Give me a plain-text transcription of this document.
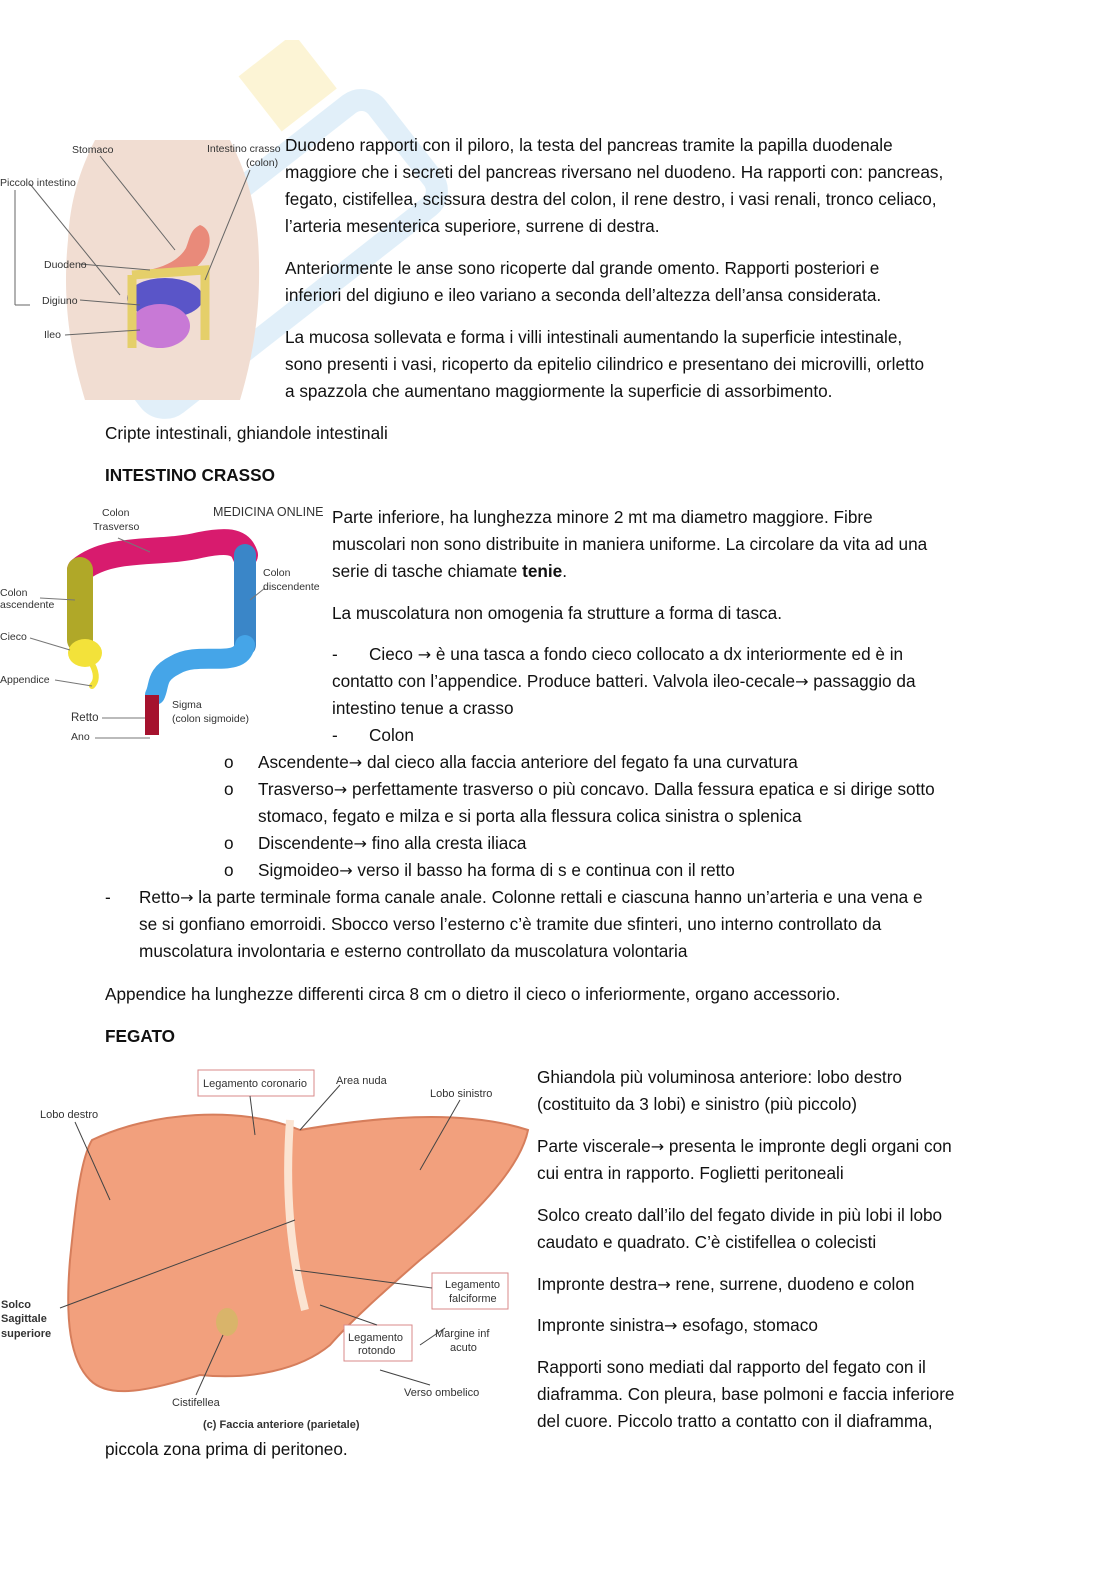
Stomaco	Intestino crasso
(colon)
Piccolo intestino
Duodeno
Digiuno
Ileo
MEDICINA ONLINE
Colon
Trasverso
Colon
ascendente
Colon
discendente
Cieco
Appendice
Retto
Ano
Sigma
(colon sigmoide)
Legamento coronario	Area nuda
Lobo sinistro
Lobo destro
Legamento
falciforme
Solco
Sagittale
superiore	Legamento
rotondo
Margine inf
acuto
Verso ombelico
Cistifellea
(c) Faccia anteriore (parietale)

Duodeno rapporti con il piloro, la testa del pancreas tramite la papilla duodenale

maggiore che i secreti del pancreas riversano nel duodeno. Ha rapporti con: pancreas,

fegato, cistifellea, scissura destra del colon, il rene destro, i vasi renali, tronco celiaco,

l’arteria mesenterica superiore, surrene di destra.

Anteriormente le anse sono ricoperte dal grande omento. Rapporti posteriori e

inferiori del digiuno e ileo variano a seconda dell’altezza dell’ansa considerata.

La mucosa sollevata e forma i villi intestinali aumentando la superficie intestinale,

sono presenti i vasi, ricoperto da epitelio cilindrico e presentano dei microvilli, orletto

a spazzola che aumentano maggiormente la superficie di assorbimento.

Cripte intestinali, ghiandole intestinali

INTESTINO CRASSO

Parte inferiore, ha lunghezza minore 2 mt ma diametro maggiore. Fibre

muscolari non sono distribuite in maniera uniforme. La circolare da vita ad una

serie di tasche chiamate tenie.

La muscolatura non omogenia fa strutture a forma di tasca.

- Cieco → è una tasca a fondo cieco collocato a dx interiormente ed è in

contatto con l’appendice. Produce batteri. Valvola ileo-cecale→ passaggio da

intestino tenue a crasso

- Colon

o Ascendente→ dal cieco alla faccia anteriore del fegato fa una curvatura

o Trasverso→ perfettamente trasverso o più concavo. Dalla fessura epatica e si dirige sotto

stomaco, fegato e milza e si porta alla flessura colica sinistra o splenica

o Discendente→ fino alla cresta iliaca

o Sigmoideo→ verso il basso ha forma di s e continua con il retto

- Retto→ la parte terminale forma canale anale. Colonne rettali e ciascuna hanno un’arteria e una vena e

se si gonfiano emorroidi. Sbocco verso l’esterno c’è tramite due sfinteri, uno interno controllato da

muscolatura involontaria e esterno controllato da muscolatura volontaria

Appendice ha lunghezze differenti circa 8 cm o dietro il cieco o inferiormente, organo accessorio.

FEGATO

Ghiandola più voluminosa anteriore: lobo destro

(costituito da 3 lobi) e sinistro (più piccolo)

Parte viscerale→ presenta le impronte degli organi con

cui entra in rapporto. Foglietti peritoneali

Solco creato dall’ilo del fegato divide in più lobi il lobo

caudato e quadrato. C’è cistifellea o colecisti

Impronte destra→ rene, surrene, duodeno e colon

Impronte sinistra→ esofago, stomaco

Rapporti sono mediati dal rapporto del fegato con il

diaframma. Con pleura, base polmoni e faccia inferiore

del cuore. Piccolo tratto a contatto con il diaframma,

piccola zona prima di peritoneo.
